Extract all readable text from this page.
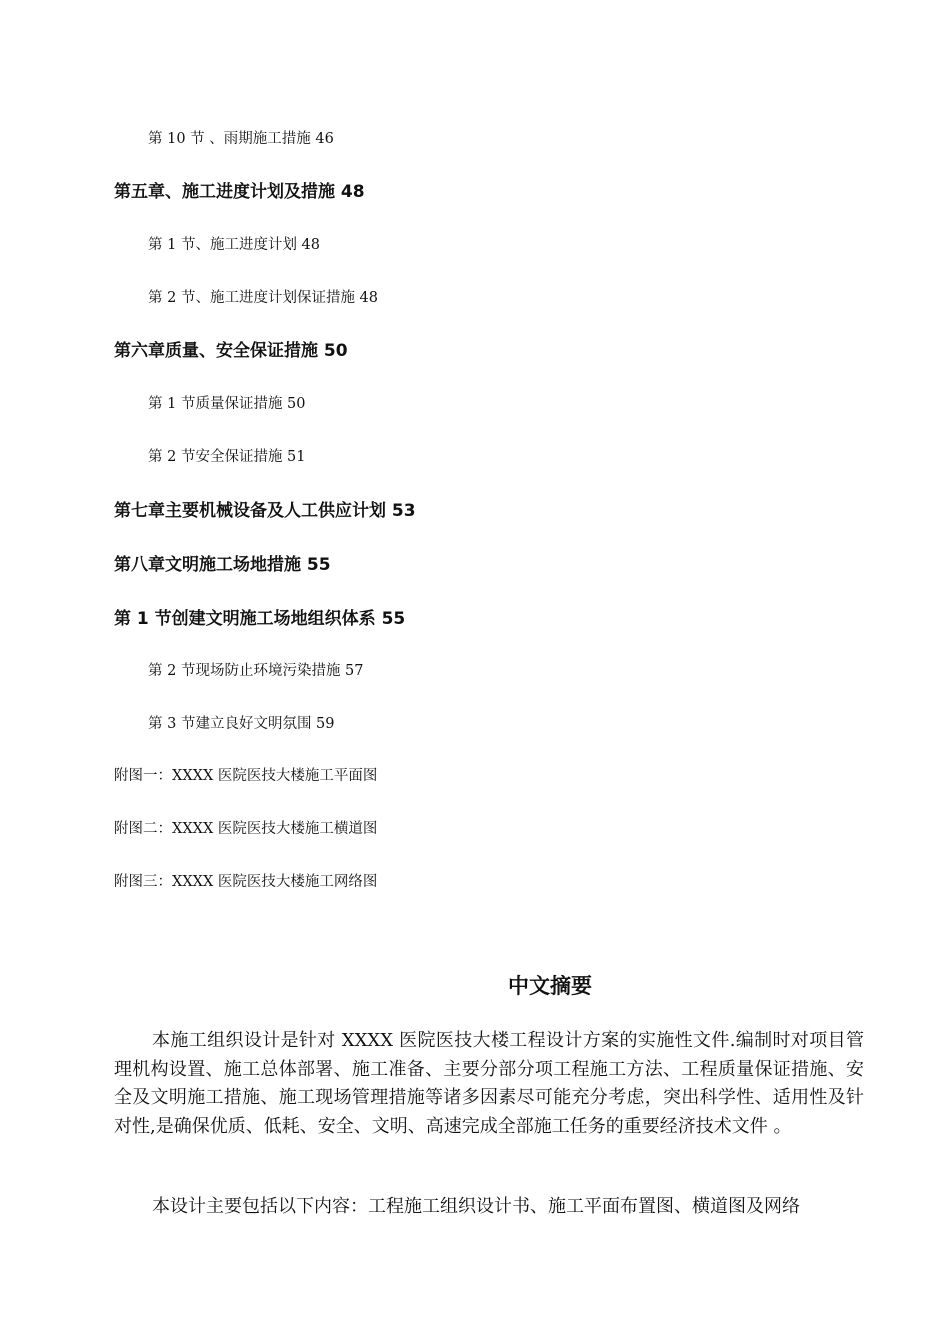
第 10 节 、雨期施工措施 46
第五章、施工进度计划及措施 48
第 1 节、施工进度计划 48
第 2 节、施工进度计划保证措施 48
第六章质量、安全保证措施 50
第 1 节质量保证措施 50
第 2 节安全保证措施 51
第七章主要机械设备及人工供应计划 53
第八章文明施工场地措施 55
第 1 节创建文明施工场地组织体系 55
第 2 节现场防止环境污染措施 57
第 3 节建立良好文明氛围 59
附图一：XXXX 医院医技大楼施工平面图
附图二：XXXX 医院医技大楼施工横道图
附图三：XXXX 医院医技大楼施工网络图
中文摘要

本施工组织设计是针对 XXXX 医院医技大楼工程设计方案的实施性文件.编制时对项目管理机构设置、施工总体部署、施工准备、主要分部分项工程施工方法、工程质量保证措施、安全及文明施工措施、施工现场管理措施等诸多因素尽可能充分考虑，突出科学性、适用性及针对性,是确保优质、低耗、安全、文明、高速完成全部施工任务的重要经济技术文件 。

本设计主要包括以下内容：工程施工组织设计书、施工平面布置图、横道图及网络
